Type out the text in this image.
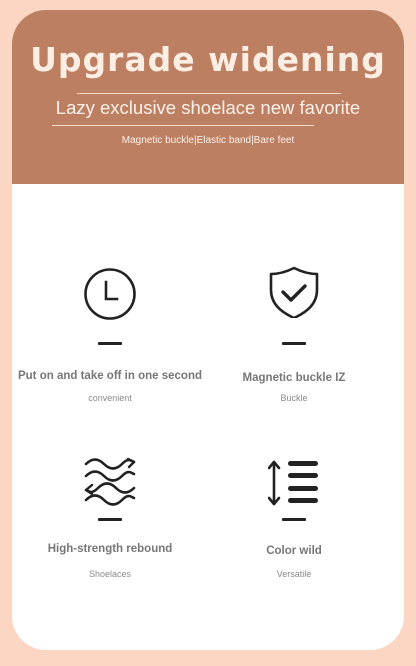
Upgrade widening
Lazy exclusive shoelace new favorite
Magnetic buckle|Elastic band|Bare feet
Put on and take off in one second
convenient
Magnetic buckle IZ
Buckle
High-strength rebound
Shoelaces
Color wild
Versatile
